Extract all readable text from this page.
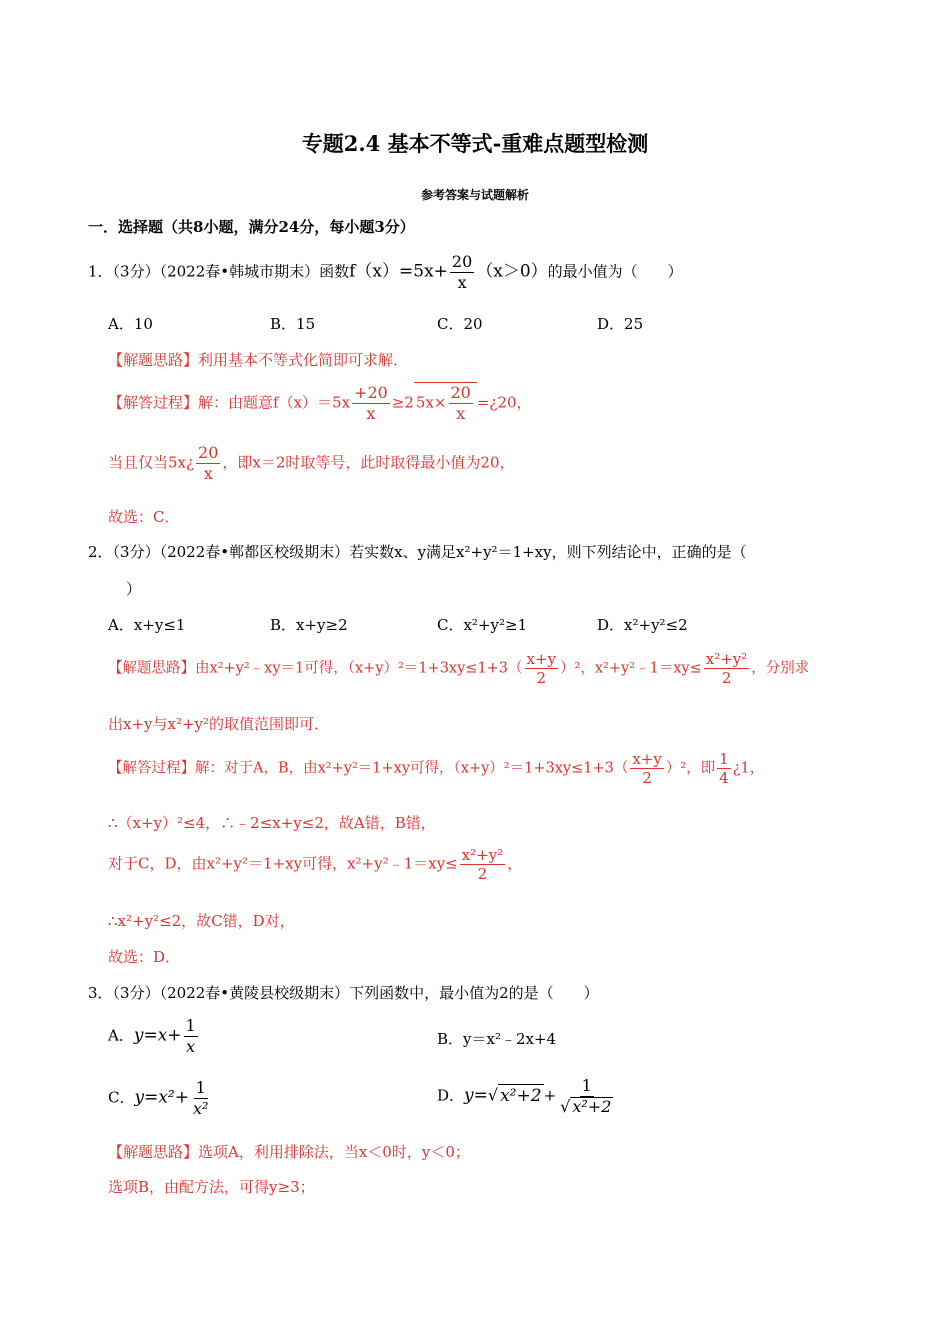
专题2.4 基本不等式-重难点题型检测
参考答案与试题解析
一．选择题（共8小题，满分24分，每小题3分）
1．（3分）（2022春•韩城市期末）函数$f(x)=5x+ \frac{20}{x} (x>0)$的最小值为（　　）
A．10	B．15	C．20	D．25
【解题思路】利用基本不等式化简即可求解．
【解答过程】解：由题意$f(x)=5x \frac{+20}{x} \ge 2$ $5x\times \frac{20}{x}$ =¿20，
当且仅当5x¿ $\frac{20}{x}$ ，即x＝2时取等号，此时取得最小值为20，
故选：C．
2．（3分）（2022春•郸都区校级期末）若实数x、y满足x²+y²＝1+xy，则下列结论中，正确的是（
）
A．x+y≤1	B．x+y≥2	C．x²+y²≥1	D．x²+y²≤2
【解题思路】由x²+y²﹣xy＝1可得，$(x+y)^2=1+3xy\le 1+3( \frac{x+y}{2} )^2$，x²+y²﹣1＝xy≤ $\frac{\text{x²+y²}}{2}$ ，分别求
出x+y与x²+y²的取值范围即可．
【解答过程】解：对于A，B，由x²+y²＝1+xy可得，$(x+y)^2=1+3xy\le 1+3( \frac{x+y}{2} )^2$，即 $\frac{1}{4}$ ¿1，
∴（x+y）²≤4，∴﹣2≤x+y≤2，故A错，B错，
对于C，D，由x²+y²＝1+xy可得，x²+y²﹣1＝xy≤ $\frac{\text{x²+y²}}{2}$ ，
∴x²+y²≤2，故C错，D对，
故选：D．
3．（3分）（2022春•黄陵县校级期末）下列函数中，最小值为2的是（　　）
A．$y=x+ \frac{1}{x}$	B．y＝x²﹣2x+4
C．$y=x^2+ \frac{1}{\text{x²}}$	D．y=√ $x^2+2 + \frac{1}{\text{√ x²+2}}$
【解题思路】选项A，利用排除法，当x＜0时，y＜0；
选项B，由配方法，可得y≥3；
